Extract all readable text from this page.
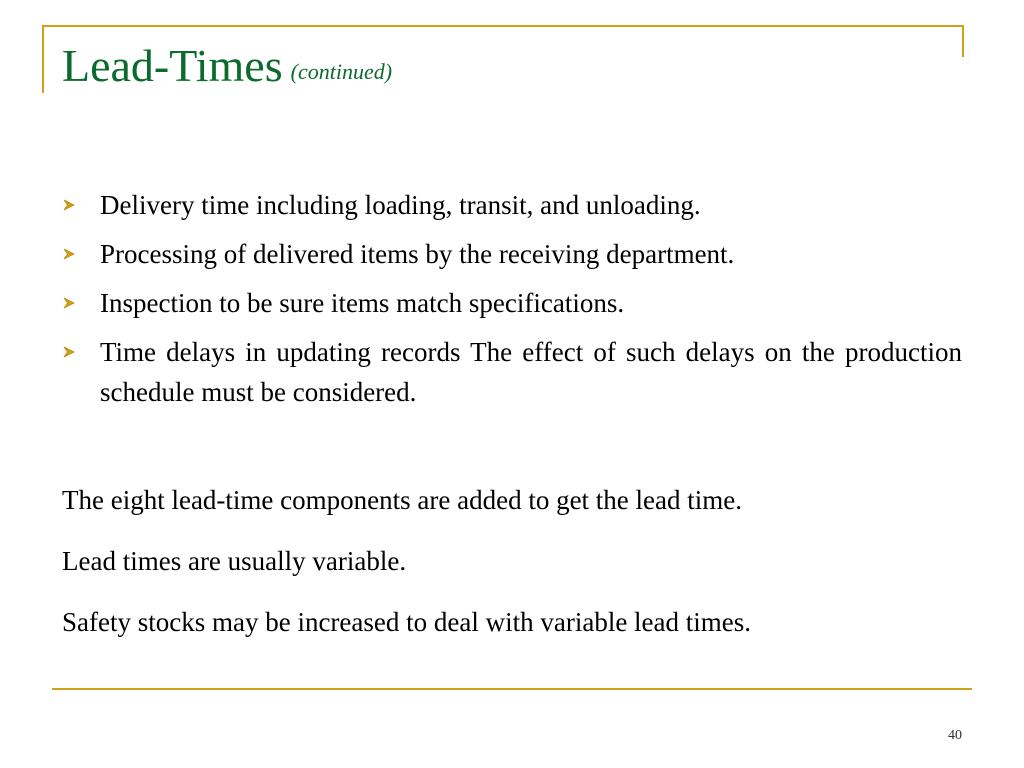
Lead-Times (continued)
Delivery time including loading, transit, and unloading.
Processing of delivered items by the receiving department.
Inspection to be sure items match specifications.
Time delays in updating records The effect of such delays on the production schedule must be considered.
The eight lead-time components are added to get the lead time.
Lead times are usually variable.
Safety stocks may be increased to deal with variable lead times.
40
